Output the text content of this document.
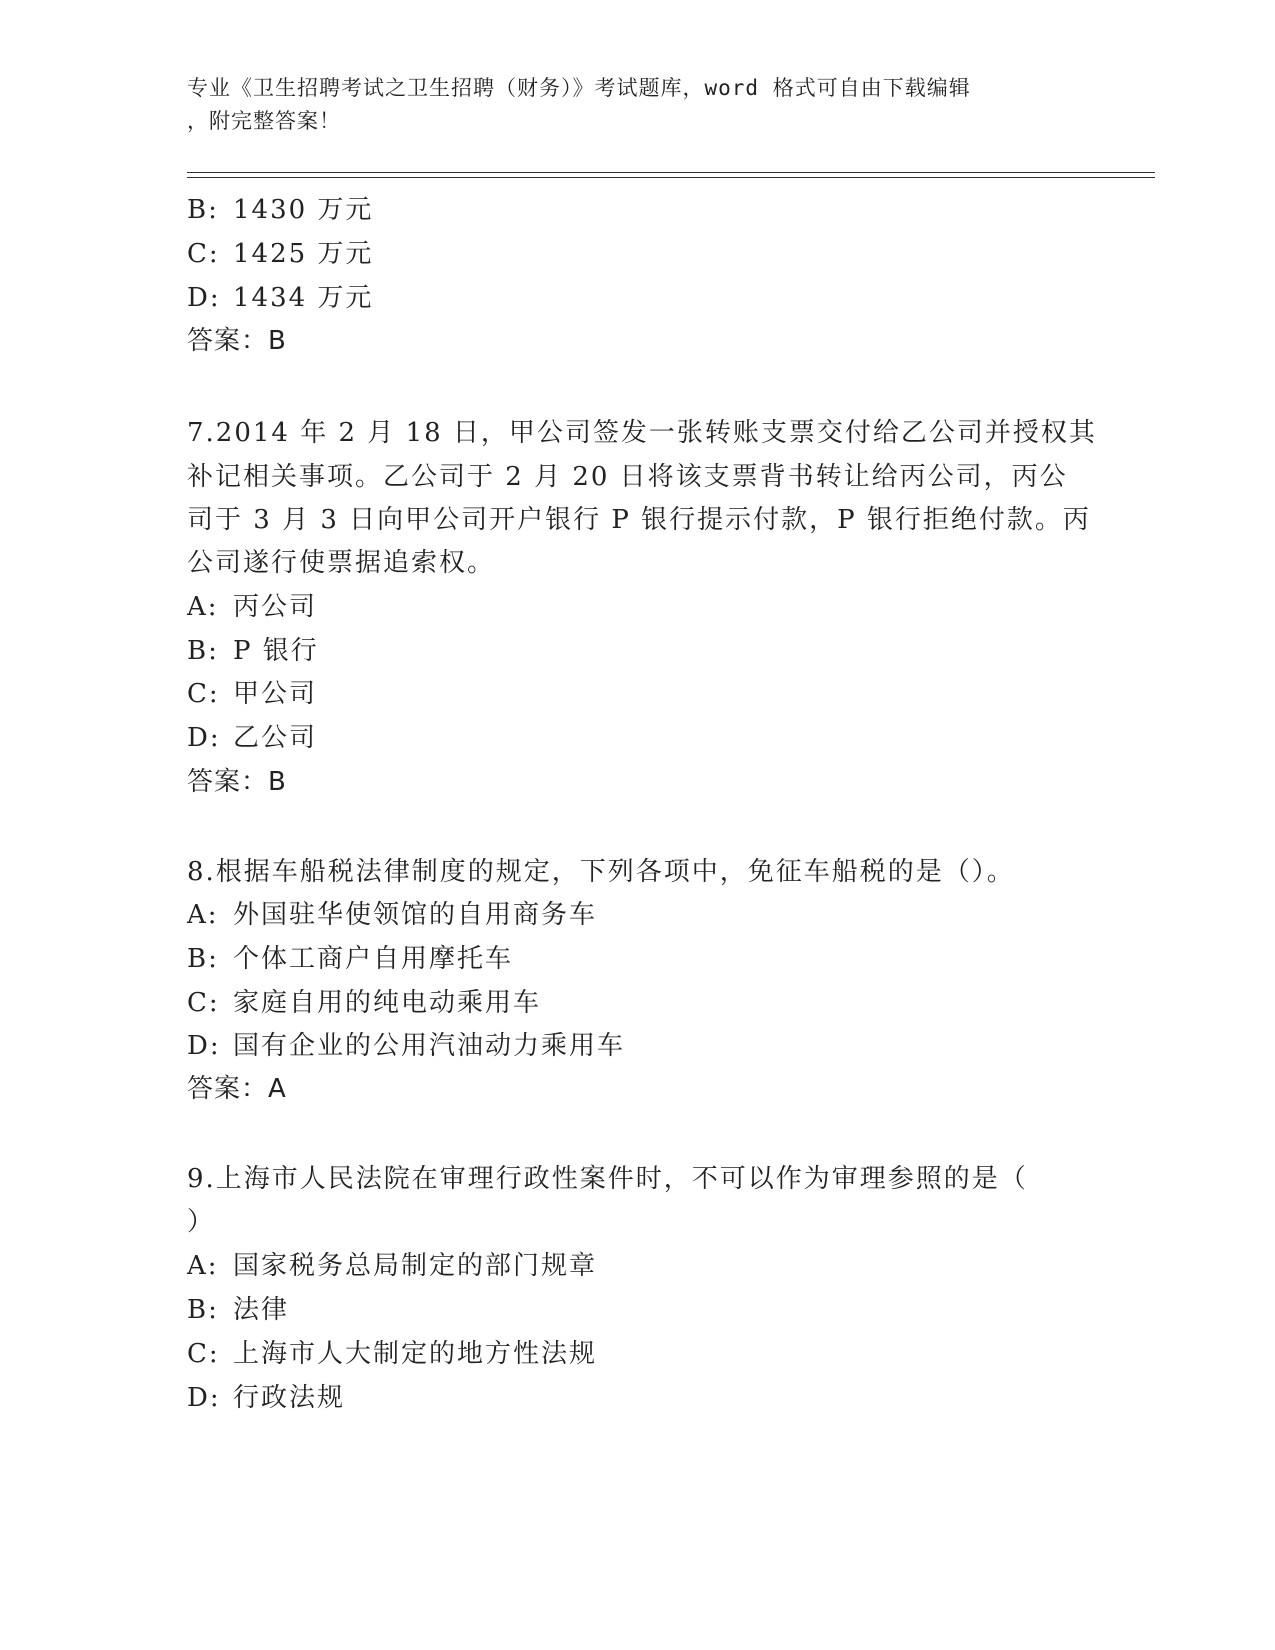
专业《卫生招聘考试之卫生招聘（财务）》考试题库，word 格式可自由下载编辑
，附完整答案！
B: 1430 万元
C: 1425 万元
D: 1434 万元
答案：B
7.2014 年 2 月 18 日，甲公司签发一张转账支票交付给乙公司并授权其
补记相关事项。乙公司于 2 月 20 日将该支票背书转让给丙公司，丙公
司于 3 月 3 日向甲公司开户银行 P 银行提示付款，P 银行拒绝付款。丙
公司遂行使票据追索权。
A: 丙公司
B: P 银行
C: 甲公司
D: 乙公司
答案：B
8.根据车船税法律制度的规定，下列各项中，免征车船税的是（）。
A: 外国驻华使领馆的自用商务车
B: 个体工商户自用摩托车
C: 家庭自用的纯电动乘用车
D: 国有企业的公用汽油动力乘用车
答案：A
9.上海市人民法院在审理行政性案件时，不可以作为审理参照的是（
）
A: 国家税务总局制定的部门规章
B: 法律
C: 上海市人大制定的地方性法规
D: 行政法规
